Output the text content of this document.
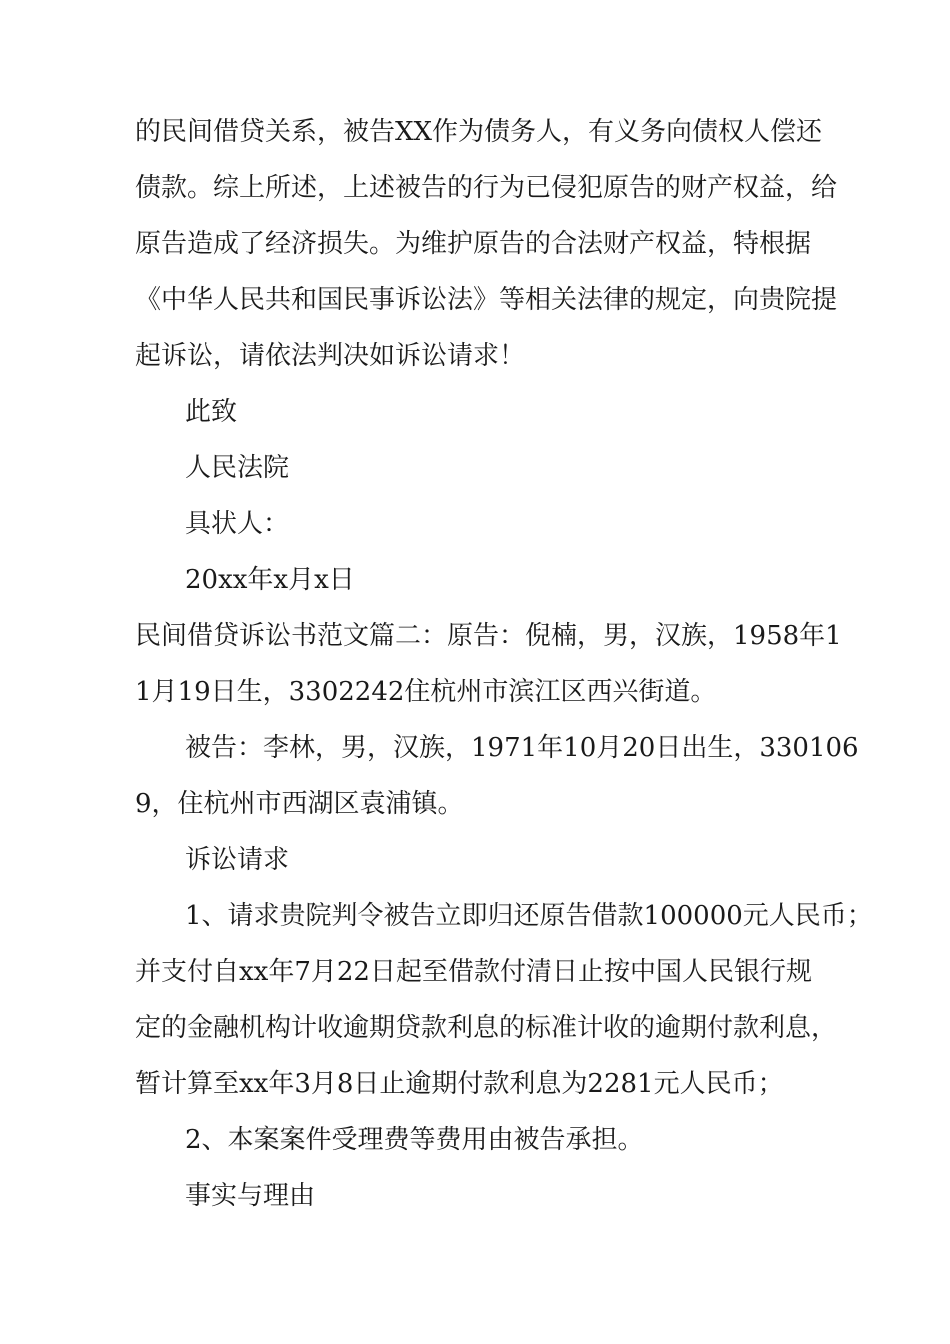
的民间借贷关系，被告XX作为债务人，有义务向债权人偿还
债款。综上所述，上述被告的行为已侵犯原告的财产权益，给
原告造成了经济损失。为维护原告的合法财产权益，特根据
《中华人民共和国民事诉讼法》等相关法律的规定，向贵院提
起诉讼，请依法判决如诉讼请求！
此致
人民法院
具状人：
20xx年x月x日
民间借贷诉讼书范文篇二：原告：倪楠，男，汉族，1958年1
1月19日生，3302242住杭州市滨江区西兴街道。
被告：李林，男，汉族，1971年10月20日出生，330106
9，住杭州市西湖区袁浦镇。
诉讼请求
1、请求贵院判令被告立即归还原告借款100000元人民币；
并支付自xx年7月22日起至借款付清日止按中国人民银行规
定的金融机构计收逾期贷款利息的标准计收的逾期付款利息，
暂计算至xx年3月8日止逾期付款利息为2281元人民币；
2、本案案件受理费等费用由被告承担。
事实与理由
